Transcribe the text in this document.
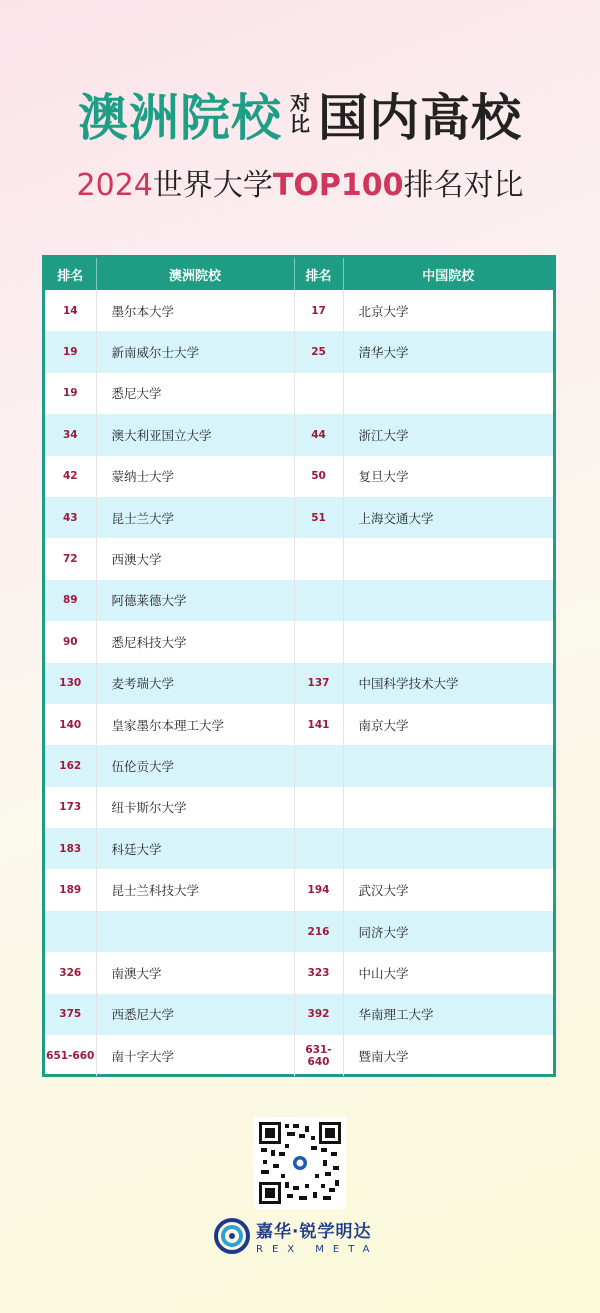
澳洲院校 对
比 国内高校
2024 世界大学 TOP100 排名对比
排名	澳洲院校	排名	中国院校
14	墨尔本大学	17	北京大学
19	新南威尔士大学	25	清华大学
19	悉尼大学		
34	澳大利亚国立大学	44	浙江大学
42	蒙纳士大学	50	复旦大学
43	昆士兰大学	51	上海交通大学
72	西澳大学		
89	阿德莱德大学		
90	悉尼科技大学		
130	麦考瑞大学	137	中国科学技术大学
140	皇家墨尔本理工大学	141	南京大学
162	伍伦贡大学		
173	纽卡斯尔大学		
183	科廷大学		
189	昆士兰科技大学	194	武汉大学
		216	同济大学
326	南澳大学	323	中山大学
375	西悉尼大学	392	华南理工大学
651-660	南十字大学	631-640	暨南大学
嘉华·锐学明达
REX META
